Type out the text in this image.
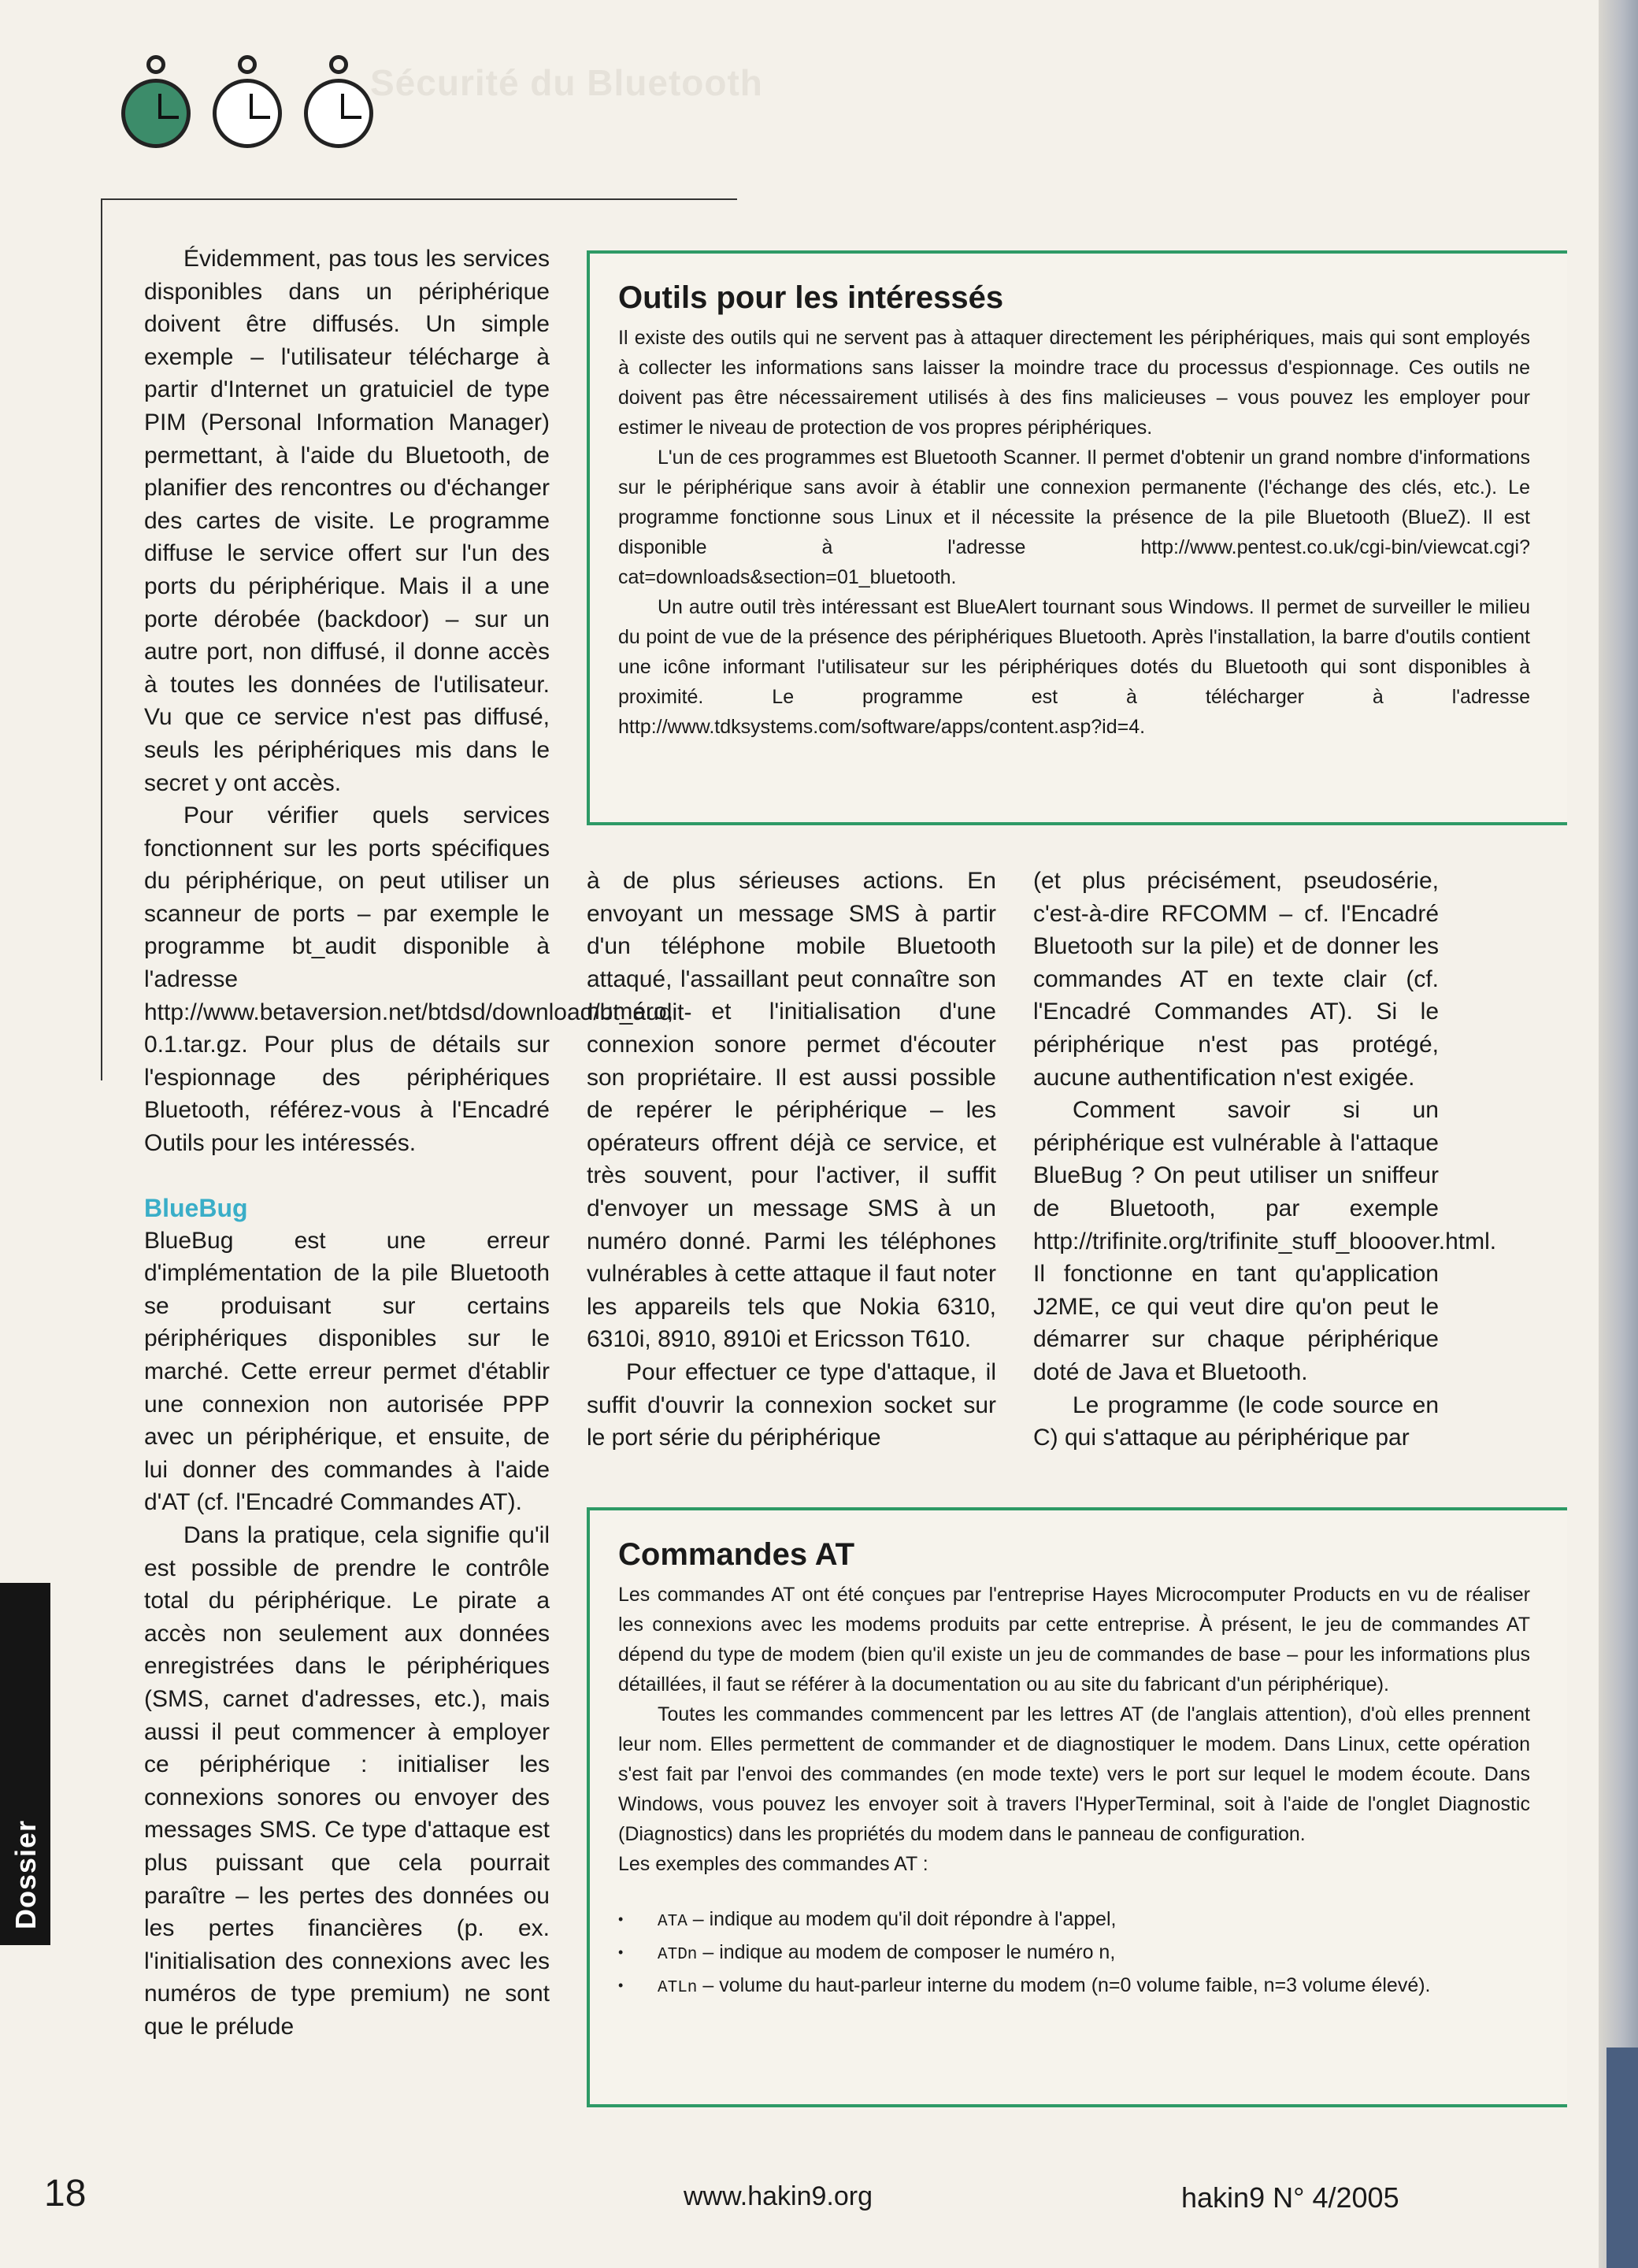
Sécurité du Bluetooth

Évidemment, pas tous les services disponibles dans un périphérique doivent être diffusés. Un simple exemple – l'utilisateur télécharge à partir d'Internet un gratuiciel de type PIM (Personal Information Manager) permettant, à l'aide du Bluetooth, de planifier des rencontres ou d'échanger des cartes de visite. Le programme diffuse le service offert sur l'un des ports du périphérique. Mais il a une porte dérobée (backdoor) – sur un autre port, non diffusé, il donne accès à toutes les données de l'utilisateur. Vu que ce service n'est pas diffusé, seuls les périphériques mis dans le secret y ont accès.

Pour vérifier quels services fonctionnent sur les ports spécifiques du périphérique, on peut utiliser un scanneur de ports – par exemple le programme bt_audit disponible à l'adresse http://www.betaversion.net/btdsd/download/bt_audit-0.1.tar.gz. Pour plus de détails sur l'espionnage des périphériques Bluetooth, référez-vous à l'Encadré Outils pour les intéressés.

BlueBug

BlueBug est une erreur d'implémentation de la pile Bluetooth se produisant sur certains périphériques disponibles sur le marché. Cette erreur permet d'établir une connexion non autorisée PPP avec un périphérique, et ensuite, de lui donner des commandes à l'aide d'AT (cf. l'Encadré Commandes AT).

Dans la pratique, cela signifie qu'il est possible de prendre le contrôle total du périphérique. Le pirate a accès non seulement aux données enregistrées dans le périphériques (SMS, carnet d'adresses, etc.), mais aussi il peut commencer à employer ce périphérique : initialiser les connexions sonores ou envoyer des messages SMS. Ce type d'attaque est plus puissant que cela pourrait paraître – les pertes des données ou les pertes financières (p. ex. l'initialisation des connexions avec les numéros de type premium) ne sont que le prélude

à de plus sérieuses actions. En envoyant un message SMS à partir d'un téléphone mobile Bluetooth attaqué, l'assaillant peut connaître son numéro, et l'initialisation d'une connexion sonore permet d'écouter son propriétaire. Il est aussi possible de repérer le périphérique – les opérateurs offrent déjà ce service, et très souvent, pour l'activer, il suffit d'envoyer un message SMS à un numéro donné. Parmi les téléphones vulnérables à cette attaque il faut noter les appareils tels que Nokia 6310, 6310i, 8910, 8910i et Ericsson T610.

Pour effectuer ce type d'attaque, il suffit d'ouvrir la connexion socket sur le port série du périphérique

(et plus précisément, pseudosérie, c'est-à-dire RFCOMM – cf. l'Encadré Bluetooth sur la pile) et de donner les commandes AT en texte clair (cf. l'Encadré Commandes AT). Si le périphérique n'est pas protégé, aucune authentification n'est exigée.

Comment savoir si un périphérique est vulnérable à l'attaque BlueBug ? On peut utiliser un sniffeur de Bluetooth, par exemple http://trifinite.org/trifinite_stuff_blooover.html. Il fonctionne en tant qu'application J2ME, ce qui veut dire qu'on peut le démarrer sur chaque périphérique doté de Java et Bluetooth.

Le programme (le code source en C) qui s'attaque au périphérique par

Outils pour les intéressés

Il existe des outils qui ne servent pas à attaquer directement les périphériques, mais qui sont employés à collecter les informations sans laisser la moindre trace du processus d'espionnage. Ces outils ne doivent pas être nécessairement utilisés à des fins malicieuses – vous pouvez les employer pour estimer le niveau de protection de vos propres périphériques.

L'un de ces programmes est Bluetooth Scanner. Il permet d'obtenir un grand nombre d'informations sur le périphérique sans avoir à établir une connexion permanente (l'échange des clés, etc.). Le programme fonctionne sous Linux et il nécessite la présence de la pile Bluetooth (BlueZ). Il est disponible à l'adresse http://www.pentest.co.uk/cgi-bin/viewcat.cgi?cat=downloads&section=01_bluetooth.

Un autre outil très intéressant est BlueAlert tournant sous Windows. Il permet de surveiller le milieu du point de vue de la présence des périphériques Bluetooth. Après l'installation, la barre d'outils contient une icône informant l'utilisateur sur les périphériques dotés du Bluetooth qui sont disponibles à proximité. Le programme est à télécharger à l'adresse http://www.tdksystems.com/software/apps/content.asp?id=4.

Commandes AT

Les commandes AT ont été conçues par l'entreprise Hayes Microcomputer Products en vu de réaliser les connexions avec les modems produits par cette entreprise. À présent, le jeu de commandes AT dépend du type de modem (bien qu'il existe un jeu de commandes de base – pour les informations plus détaillées, il faut se référer à la documentation ou au site du fabricant d'un périphérique).

Toutes les commandes commencent par les lettres AT (de l'anglais attention), d'où elles prennent leur nom. Elles permettent de commander et de diagnostiquer le modem. Dans Linux, cette opération s'est fait par l'envoi des commandes (en mode texte) vers le port sur lequel le modem écoute. Dans Windows, vous pouvez les envoyer soit à travers l'HyperTerminal, soit à l'aide de l'onglet Diagnostic (Diagnostics) dans les propriétés du modem dans le panneau de configuration.

Les exemples des commandes AT :

• ATA – indique au modem qu'il doit répondre à l'appel,
• ATDn – indique au modem de composer le numéro n,
• ATLn – volume du haut-parleur interne du modem (n=0 volume faible, n=3 volume élevé).
Dossier
18	www.hakin9.org	hakin9 N° 4/2005
